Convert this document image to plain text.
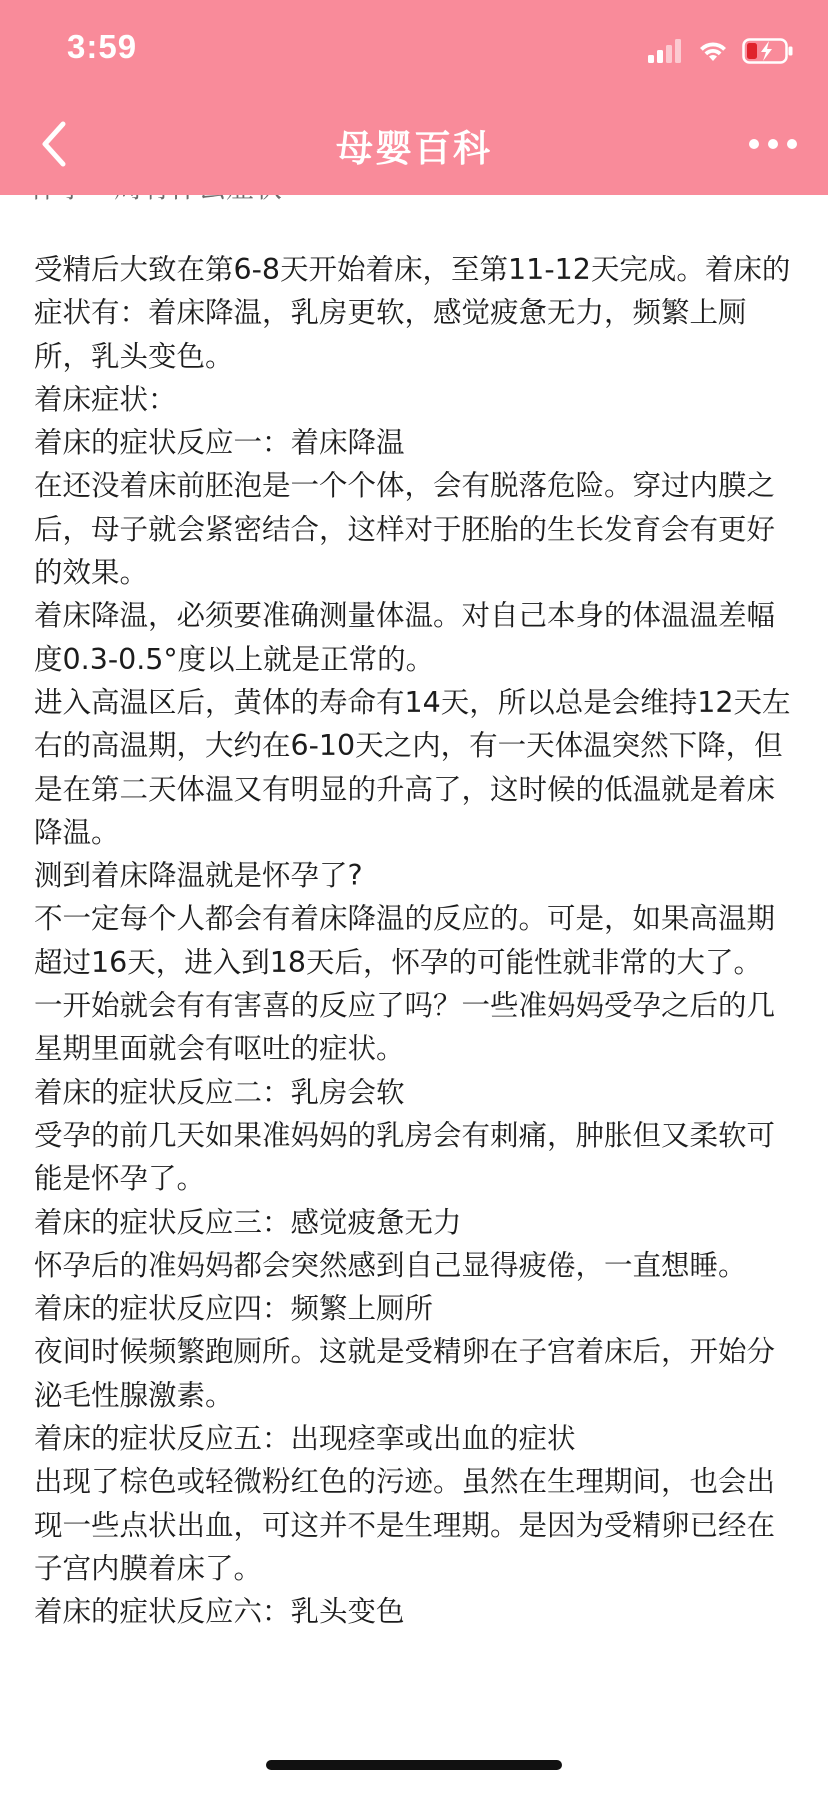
3:59
母婴百科

受精后大致在第6-8天开始着床，至第11-12天完成。着床的症状有：着床降温，乳房更软，感觉疲惫无力，频繁上厕所，乳头变色。

着床症状：

着床的症状反应一：着床降温

在还没着床前胚泡是一个个体，会有脱落危险。穿过内膜之后，母子就会紧密结合，这样对于胚胎的生长发育会有更好的效果。

着床降温，必须要准确测量体温。对自己本身的体温温差幅度0.3-0.5°度以上就是正常的。

进入高温区后，黄体的寿命有14天，所以总是会维持12天左右的高温期，大约在6-10天之内，有一天体温突然下降，但是在第二天体温又有明显的升高了，这时候的低温就是着床降温。

测到着床降温就是怀孕了?

不一定每个人都会有着床降温的反应的。可是，如果高温期超过16天，进入到18天后，怀孕的可能性就非常的大了。

一开始就会有有害喜的反应了吗？一些准妈妈受孕之后的几星期里面就会有呕吐的症状。

着床的症状反应二：乳房会软

受孕的前几天如果准妈妈的乳房会有刺痛，肿胀但又柔软可能是怀孕了。

着床的症状反应三：感觉疲惫无力

怀孕后的准妈妈都会突然感到自己显得疲倦，一直想睡。

着床的症状反应四：频繁上厕所

夜间时候频繁跑厕所。这就是受精卵在子宫着床后，开始分泌毛性腺激素。

着床的症状反应五：出现痉挛或出血的症状

出现了棕色或轻微粉红色的污迹。虽然在生理期间，也会出现一些点状出血，可这并不是生理期。是因为受精卵已经在子宫内膜着床了。

着床的症状反应六：乳头变色
